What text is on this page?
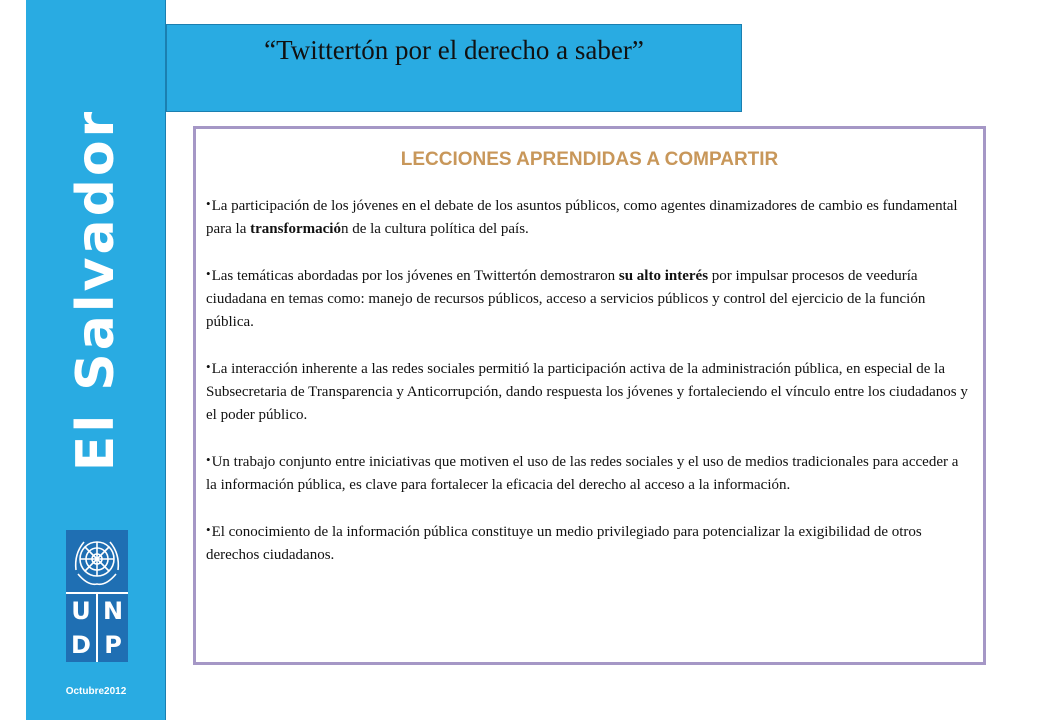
El Salvador
U N
D P
Octubre2012
“Twittertón por el derecho a saber”
LECCIONES APRENDIDAS A COMPARTIR
• La participación de los jóvenes en el debate de los asuntos públicos, como agentes dinamizadores de cambio es fundamental para la transformación de la cultura política del país.
• Las temáticas abordadas por los jóvenes en Twittertón demostraron su alto interés por impulsar procesos de veeduría ciudadana en temas como: manejo de recursos públicos, acceso a servicios públicos y control del ejercicio de la función pública.
• La interacción inherente a las redes sociales permitió la participación activa de la administración pública, en especial de la Subsecretaria de Transparencia y Anticorrupción, dando respuesta los jóvenes y fortaleciendo el vínculo entre los ciudadanos y el poder público.
• Un trabajo conjunto entre iniciativas que motiven el uso de las redes sociales y el uso de medios tradicionales para acceder a la información pública, es clave para fortalecer la eficacia del derecho al acceso a la información.
• El conocimiento de la información pública constituye un medio privilegiado para potencializar la exigibilidad de otros derechos ciudadanos.
